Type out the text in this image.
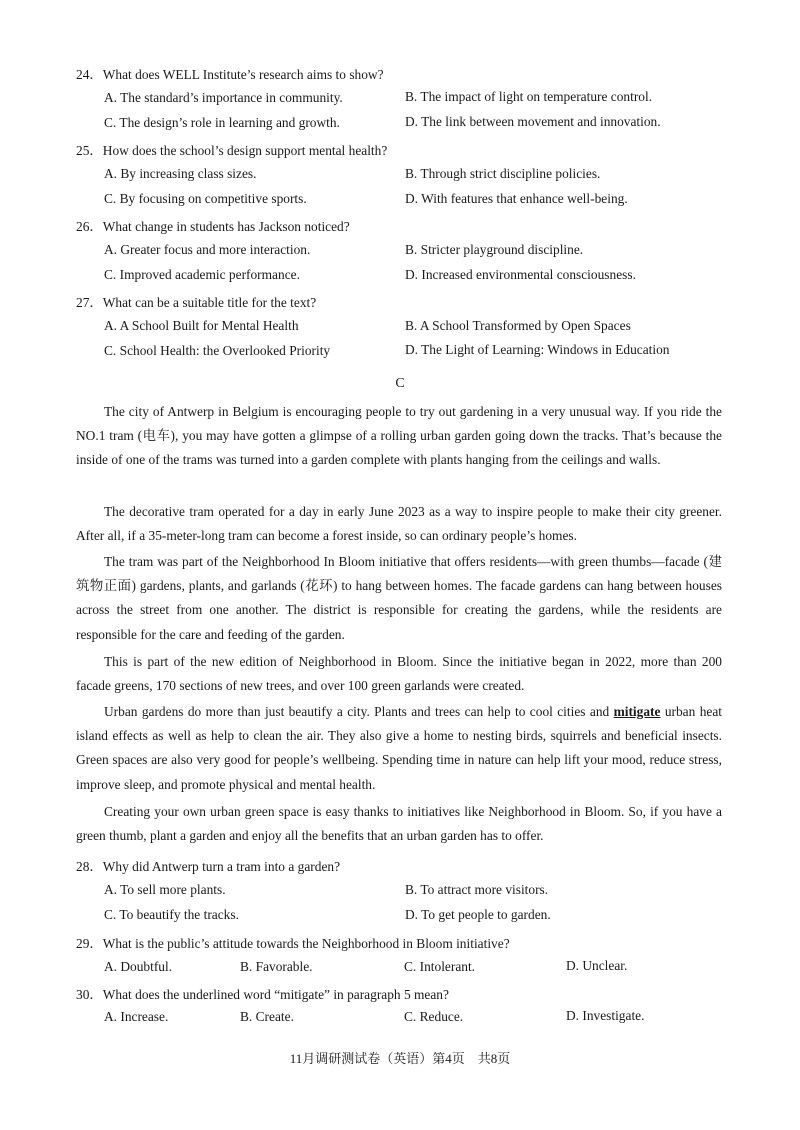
24．What does WELL Institute’s research aims to show?
A. The standard’s importance in community.	B. The impact of light on temperature control.
C. The design’s role in learning and growth.	D. The link between movement and innovation.
25．How does the school’s design support mental health?
A. By increasing class sizes.	B. Through strict discipline policies.
C. By focusing on competitive sports.	D. With features that enhance well-being.
26．What change in students has Jackson noticed?
A. Greater focus and more interaction.	B. Stricter playground discipline.
C. Improved academic performance.	D. Increased environmental consciousness.
27．What can be a suitable title for the text?
A. A School Built for Mental Health	B. A School Transformed by Open Spaces
C. School Health: the Overlooked Priority	D. The Light of Learning: Windows in Education
C

The city of Antwerp in Belgium is encouraging people to try out gardening in a very unusual way. If you ride the NO.1 tram (电车), you may have gotten a glimpse of a rolling urban garden going down the tracks. That’s because the inside of one of the trams was turned into a garden complete with plants hanging from the ceilings and walls.

The decorative tram operated for a day in early June 2023 as a way to inspire people to make their city greener. After all, if a 35-meter-long tram can become a forest inside, so can ordinary people’s homes.

The tram was part of the Neighborhood In Bloom initiative that offers residents—with green thumbs—facade (建筑物正面) gardens, plants, and garlands (花环) to hang between homes. The facade gardens can hang between houses across the street from one another. The district is responsible for creating the gardens, while the residents are responsible for the care and feeding of the garden.

This is part of the new edition of Neighborhood in Bloom. Since the initiative began in 2022, more than 200 facade greens, 170 sections of new trees, and over 100 green garlands were created.

Urban gardens do more than just beautify a city. Plants and trees can help to cool cities and mitigate urban heat island effects as well as help to clean the air. They also give a home to nesting birds, squirrels and beneficial insects. Green spaces are also very good for people’s wellbeing. Spending time in nature can help lift your mood, reduce stress, improve sleep, and promote physical and mental health.

Creating your own urban green space is easy thanks to initiatives like Neighborhood in Bloom. So, if you have a green thumb, plant a garden and enjoy all the benefits that an urban garden has to offer.

28．Why did Antwerp turn a tram into a garden?
A. To sell more plants.	B. To attract more visitors.
C. To beautify the tracks.	D. To get people to garden.
29．What is the public’s attitude towards the Neighborhood in Bloom initiative?
A. Doubtful.	B. Favorable.	C. Intolerant.	D. Unclear.
30．What does the underlined word “mitigate” in paragraph 5 mean?
A. Increase.	B. Create.	C. Reduce.	D. Investigate.
11月调研测试卷（英语）第4页　共8页
